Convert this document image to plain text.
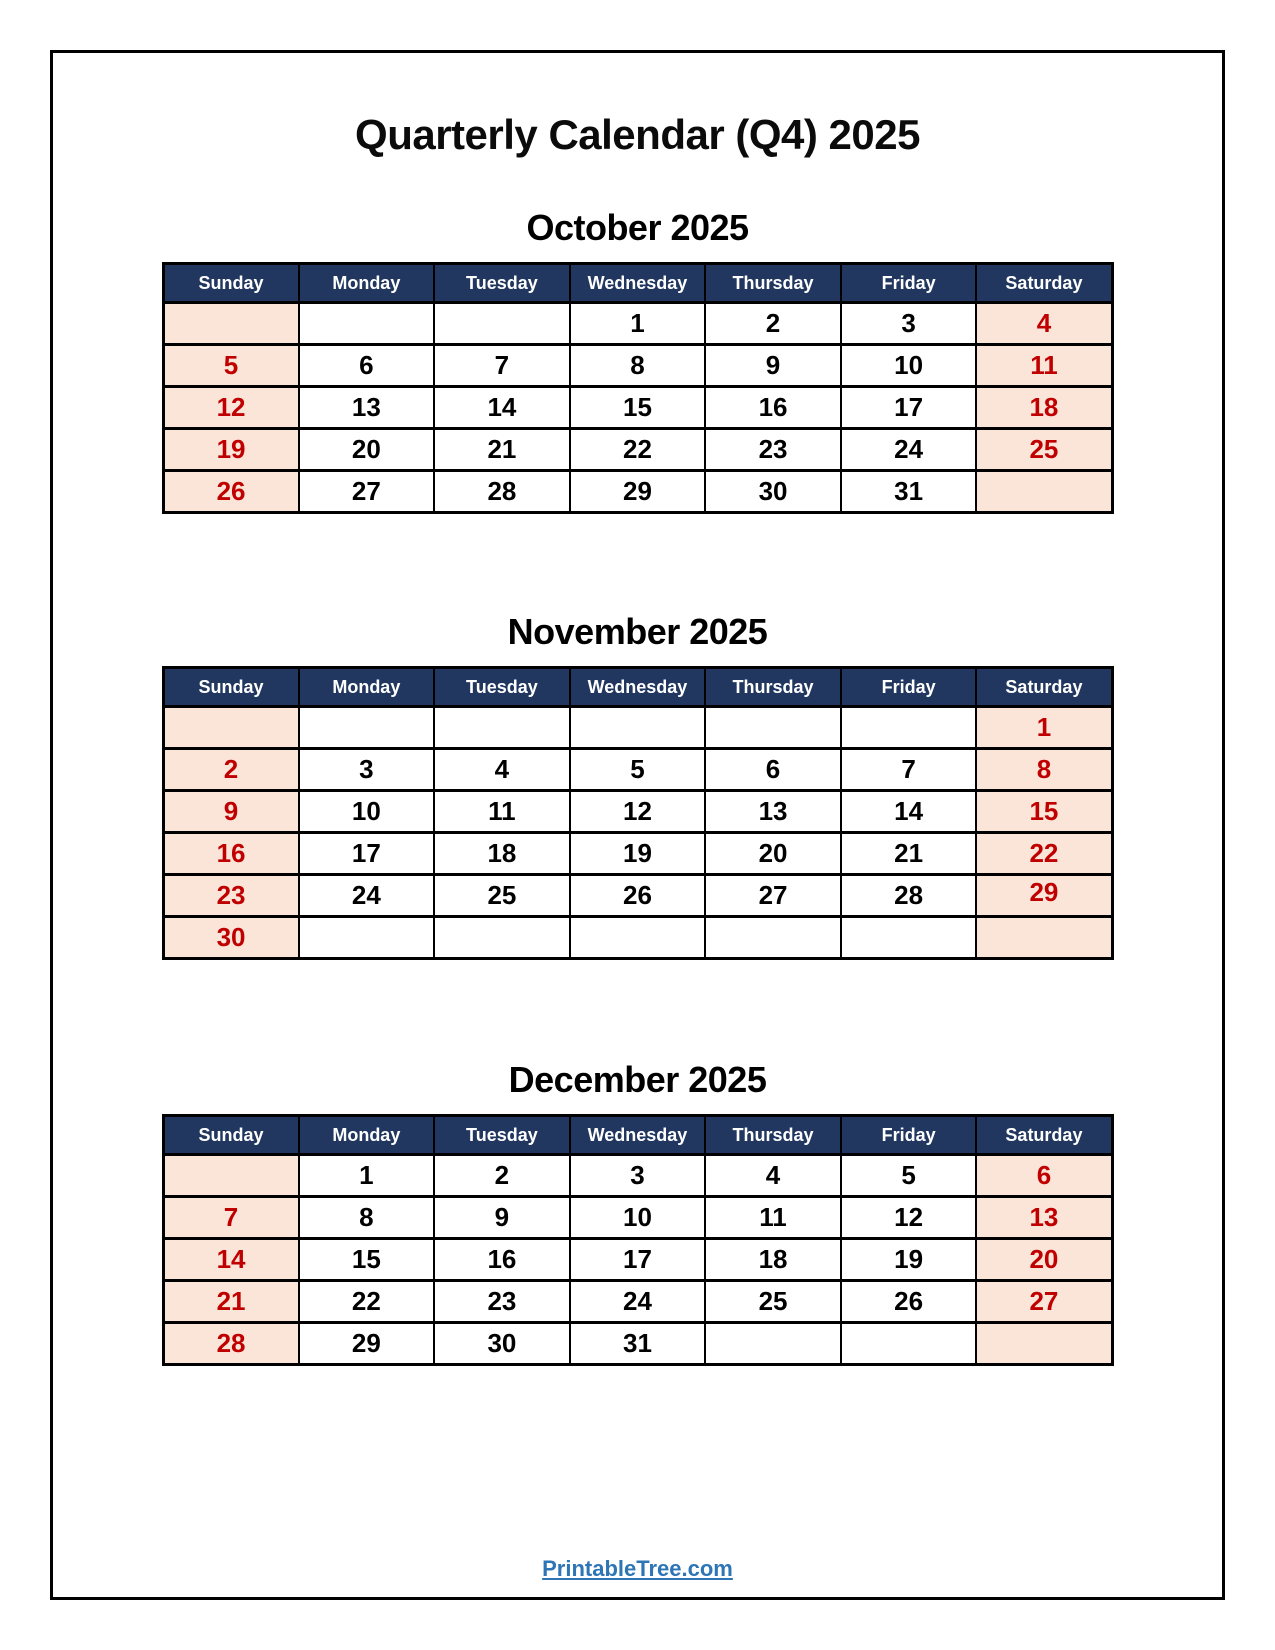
Quarterly Calendar (Q4) 2025
October 2025
Sunday	Monday	Tuesday	Wednesday	Thursday	Friday	Saturday
			1	2	3	4
5	6	7	8	9	10	11
12	13	14	15	16	17	18
19	20	21	22	23	24	25
26	27	28	29	30	31	
November 2025
Sunday	Monday	Tuesday	Wednesday	Thursday	Friday	Saturday
						1
2	3	4	5	6	7	8
9	10	11	12	13	14	15
16	17	18	19	20	21	22
23	24	25	26	27	28	29
30						
December 2025
Sunday	Monday	Tuesday	Wednesday	Thursday	Friday	Saturday
	1	2	3	4	5	6
7	8	9	10	11	12	13
14	15	16	17	18	19	20
21	22	23	24	25	26	27
28	29	30	31			
PrintableTree.com
